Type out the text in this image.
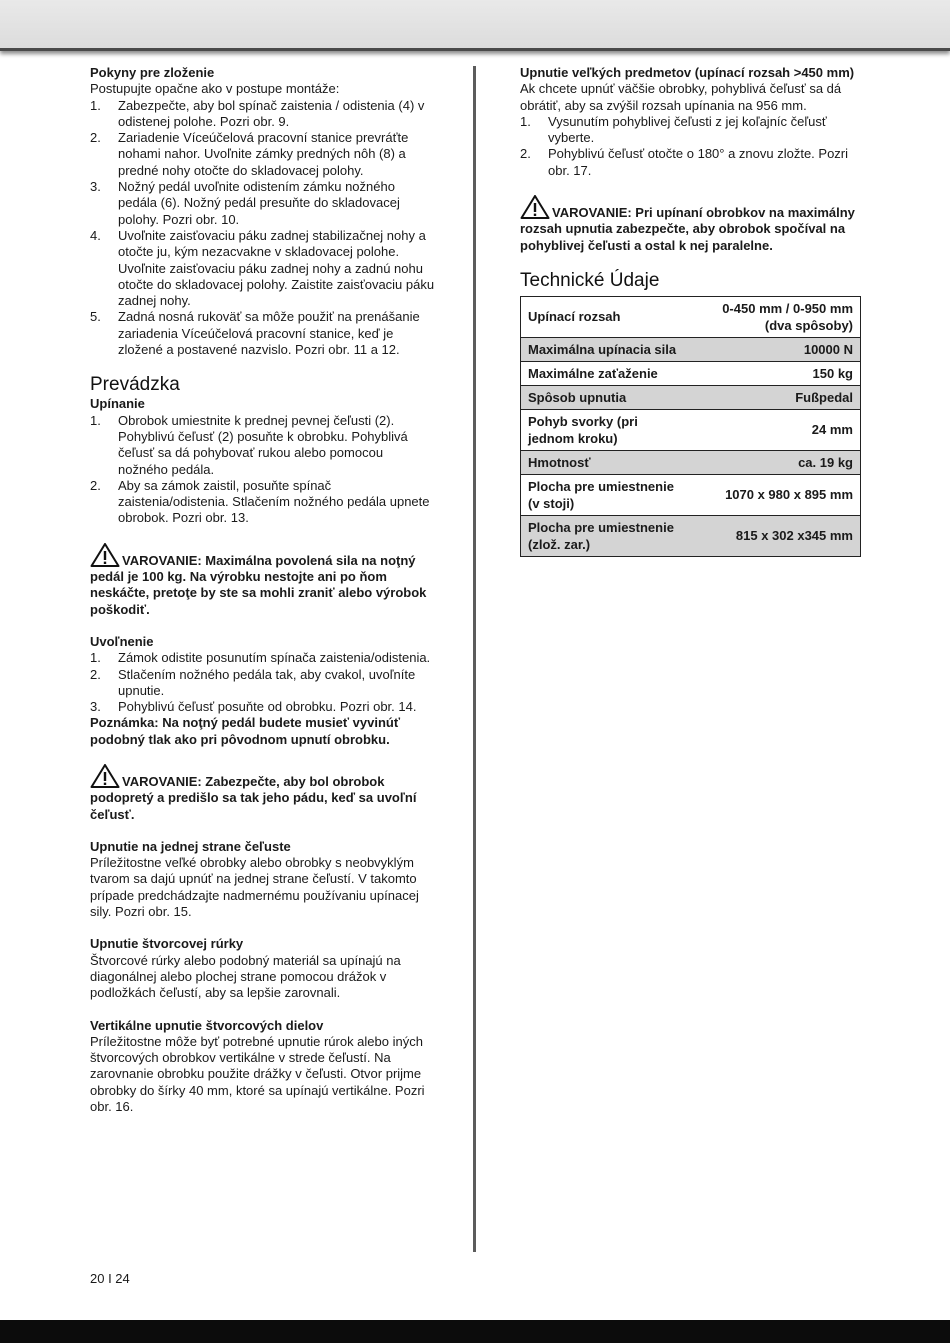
Pokyny pre zloženie

Postupujte opačne ako v postupe montáže:

1.	Zabezpečte, aby bol spínač zaistenia / odistenia (4) v odistenej polohe. Pozri obr. 9.
2.	Zariadenie Víceúčelová pracovní stanice prevráťte nohami nahor. Uvoľnite zámky predných nôh (8) a predné nohy otočte do skladovacej polohy.
3.	Nožný pedál uvoľnite odistením zámku nožného pedála (6). Nožný pedál presuňte do skladovacej polohy. Pozri obr. 10.
4.	Uvoľnite zaisťovaciu páku zadnej stabilizačnej nohy a otočte ju, kým nezacvakne v skladovacej polohe. Uvoľnite zaisťovaciu páku zadnej nohy a zadnú nohu otočte do skladovacej polohy. Zaistite zaisťovaciu páku zadnej nohy.
5.	Zadná nosná rukoväť sa môže použiť na prenášanie zariadenia Víceúčelová pracovní stanice, keď je zložené a postavené nazvislo. Pozri obr. 11 a 12.
Prevádzka

Upínanie

1.	Obrobok umiestnite k prednej pevnej čeľusti (2). Pohyblivú čeľusť (2) posuňte k obrobku. Pohyblivá čeľusť sa dá pohybovať rukou alebo pomocou nožného pedála.
2.	Aby sa zámok zaistil, posuňte spínač zaistenia/odistenia. Stlačením nožného pedála upnete obrobok. Pozri obr. 13.

VAROVANIE: Maximálna povolená sila na noţný pedál je 100 kg. Na výrobku nestojte ani po ňom neskáčte, pretoţe by ste sa mohli zraniť alebo výrobok poškodiť.

Uvoľnenie

1.	Zámok odistite posunutím spínača zaistenia/odistenia.
2.	Stlačením nožného pedála tak, aby cvakol, uvoľníte upnutie.
3.	Pohyblivú čeľusť posuňte od obrobku. Pozri obr. 14.

Poznámka: Na noţný pedál budete musieť vyvinúť podobný tlak ako pri pôvodnom upnutí obrobku.

VAROVANIE: Zabezpečte, aby bol obrobok podopretý a predišlo sa tak jeho pádu, keď sa uvoľní čeľusť.

Upnutie na jednej strane čeľuste

Príležitostne veľké obrobky alebo obrobky s neobvyklým tvarom sa dajú upnúť na jednej strane čeľustí. V takomto prípade predchádzajte nadmernému používaniu upínacej sily. Pozri obr. 15.

Upnutie štvorcovej rúrky

Štvorcové rúrky alebo podobný materiál sa upínajú na diagonálnej alebo plochej strane pomocou drážok v podložkách čeľustí, aby sa lepšie zarovnali.

Vertikálne upnutie štvorcových dielov

Príležitostne môže byť potrebné upnutie rúrok alebo iných štvorcových obrobkov vertikálne v strede čeľustí. Na zarovnanie obrobku použite drážky v čeľusti. Otvor prijme obrobky do šírky 40 mm, ktoré sa upínajú vertikálne. Pozri obr. 16.

Upnutie veľkých predmetov (upínací rozsah >450 mm)

Ak chcete upnúť väčšie obrobky, pohyblivá čeľusť sa dá obrátiť, aby sa zvýšil rozsah upínania na 956 mm.

1.	Vysunutím pohyblivej čeľusti z jej koľajníc čeľusť vyberte.
2.	Pohyblivú čeľusť otočte o 180° a znovu zložte. Pozri obr. 17.

VAROVANIE: Pri upínaní obrobkov na maximálny rozsah upnutia zabezpečte, aby obrobok spočíval na pohyblivej čeľusti a ostal k nej paralelne.

Technické Údaje
Upínací rozsah	0-450 mm / 0-950 mm (dva spôsoby)
Maximálna upínacia sila	10000 N
Maximálne zaťaženie	150 kg
Spôsob upnutia	Fußpedal
Pohyb svorky (pri jednom kroku)	24 mm
Hmotnosť	ca. 19 kg
Plocha pre umiestnenie (v stoji)	1070 x 980 x 895 mm
Plocha pre umiestnenie (zlož. zar.)	815 x 302 x345 mm
20 I 24
